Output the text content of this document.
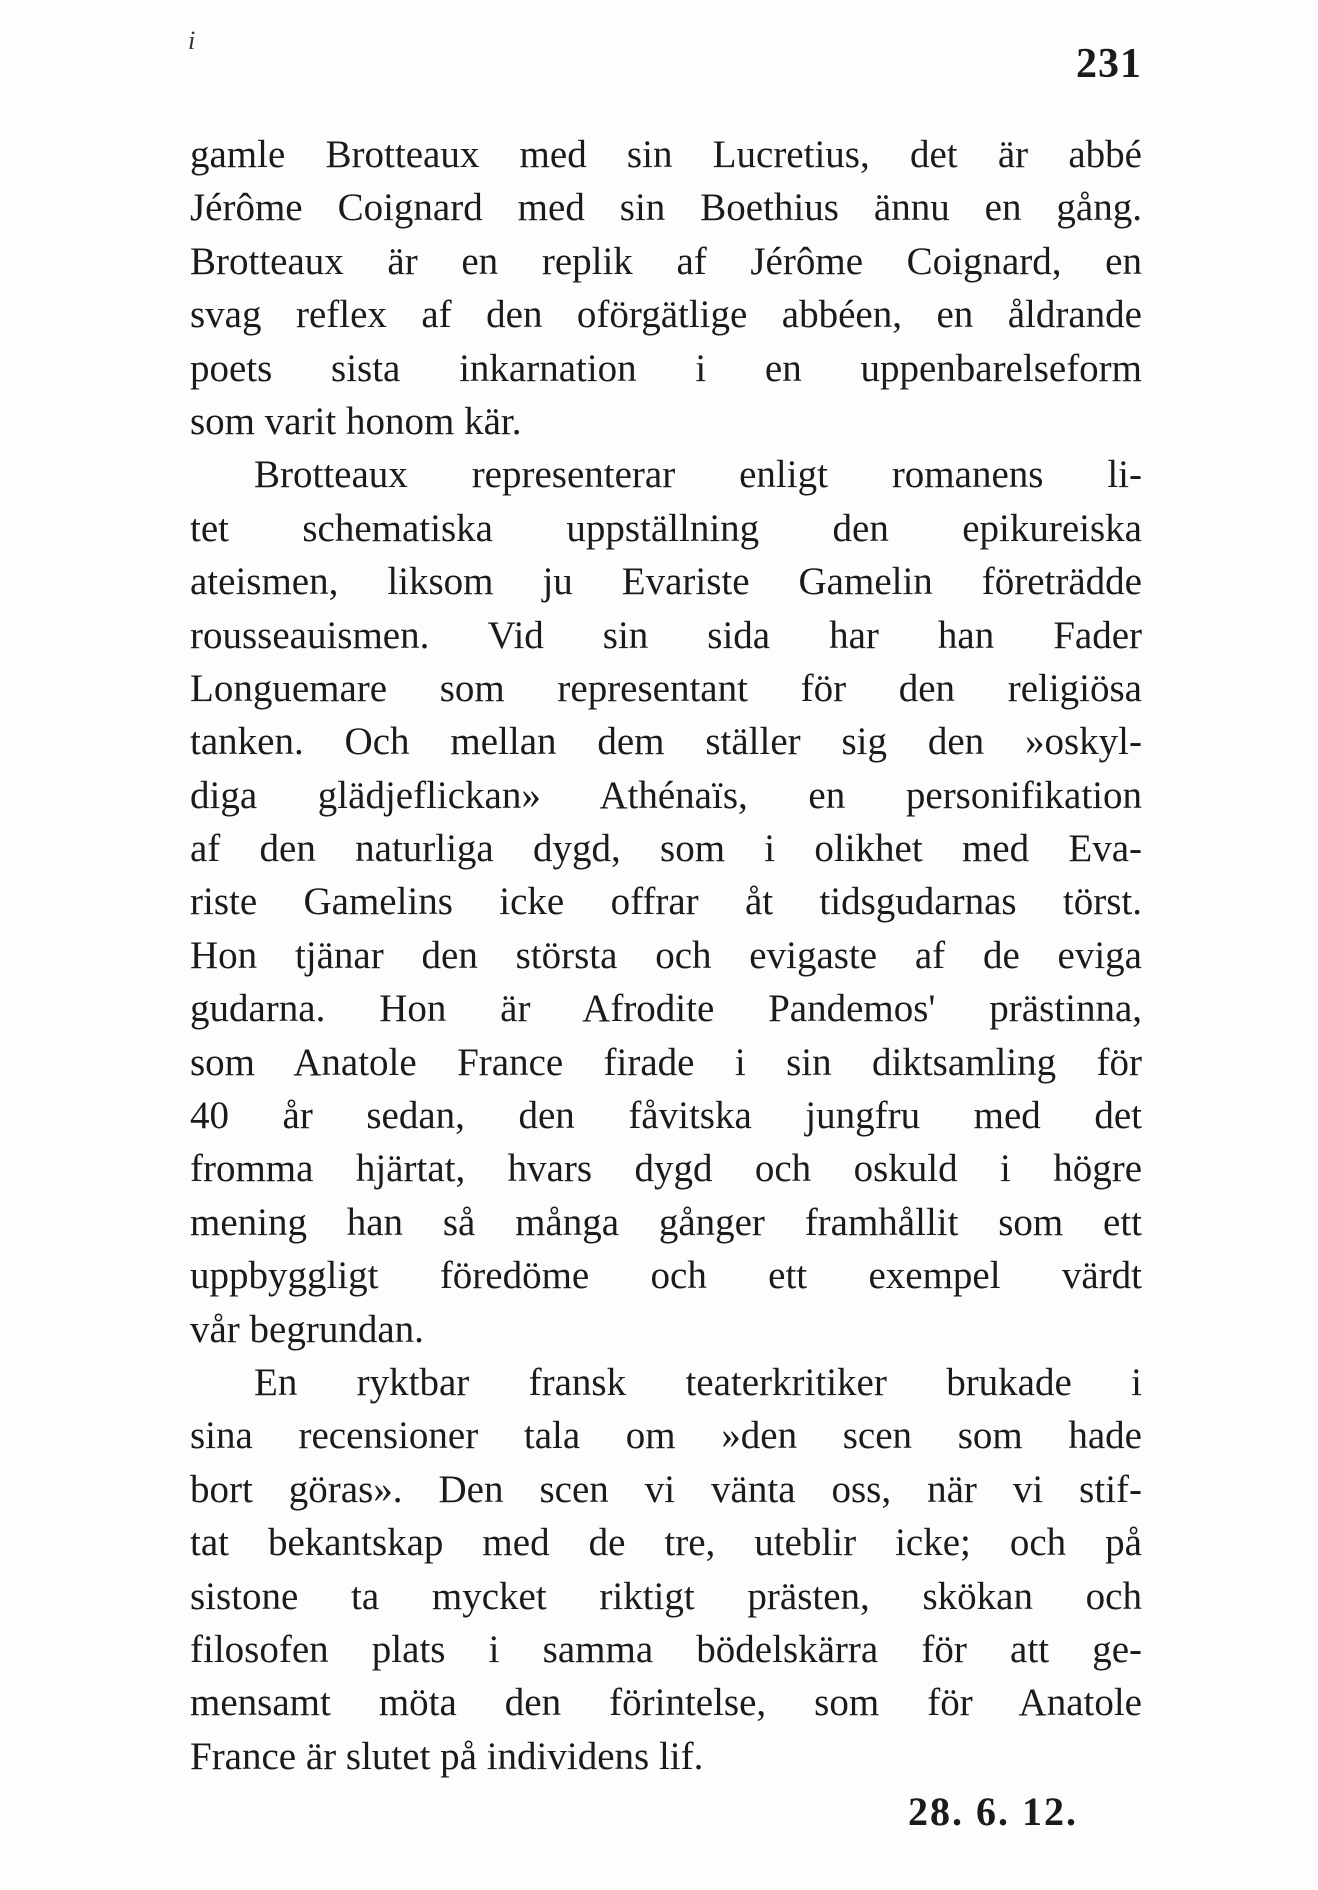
i
231
gamle Brotteaux med sin Lucretius, det är abbé
Jérôme Coignard med sin Boethius ännu en gång.
Brotteaux är en replik af Jérôme Coignard, en
svag reflex af den oförgätlige abbéen, en åldrande
poets sista inkarnation i en uppenbarelseform
som varit honom kär.
Brotteaux representerar enligt romanens li-
tet schematiska uppställning den epikureiska
ateismen, liksom ju Evariste Gamelin företrädde
rousseauismen. Vid sin sida har han Fader
Longuemare som representant för den religiösa
tanken. Och mellan dem ställer sig den »oskyl-
diga glädjeflickan» Athénaïs, en personifikation
af den naturliga dygd, som i olikhet med Eva-
riste Gamelins icke offrar åt tidsgudarnas törst.
Hon tjänar den största och evigaste af de eviga
gudarna. Hon är Afrodite Pandemos' prästinna,
som Anatole France firade i sin diktsamling för
40 år sedan, den fåvitska jungfru med det
fromma hjärtat, hvars dygd och oskuld i högre
mening han så många gånger framhållit som ett
uppbyggligt föredöme och ett exempel värdt
vår begrundan.
En ryktbar fransk teaterkritiker brukade i
sina recensioner tala om »den scen som hade
bort göras». Den scen vi vänta oss, när vi stif-
tat bekantskap med de tre, uteblir icke; och på
sistone ta mycket riktigt prästen, skökan och
filosofen plats i samma bödelskärra för att ge-
mensamt möta den förintelse, som för Anatole
France är slutet på individens lif.
28. 6. 12.
